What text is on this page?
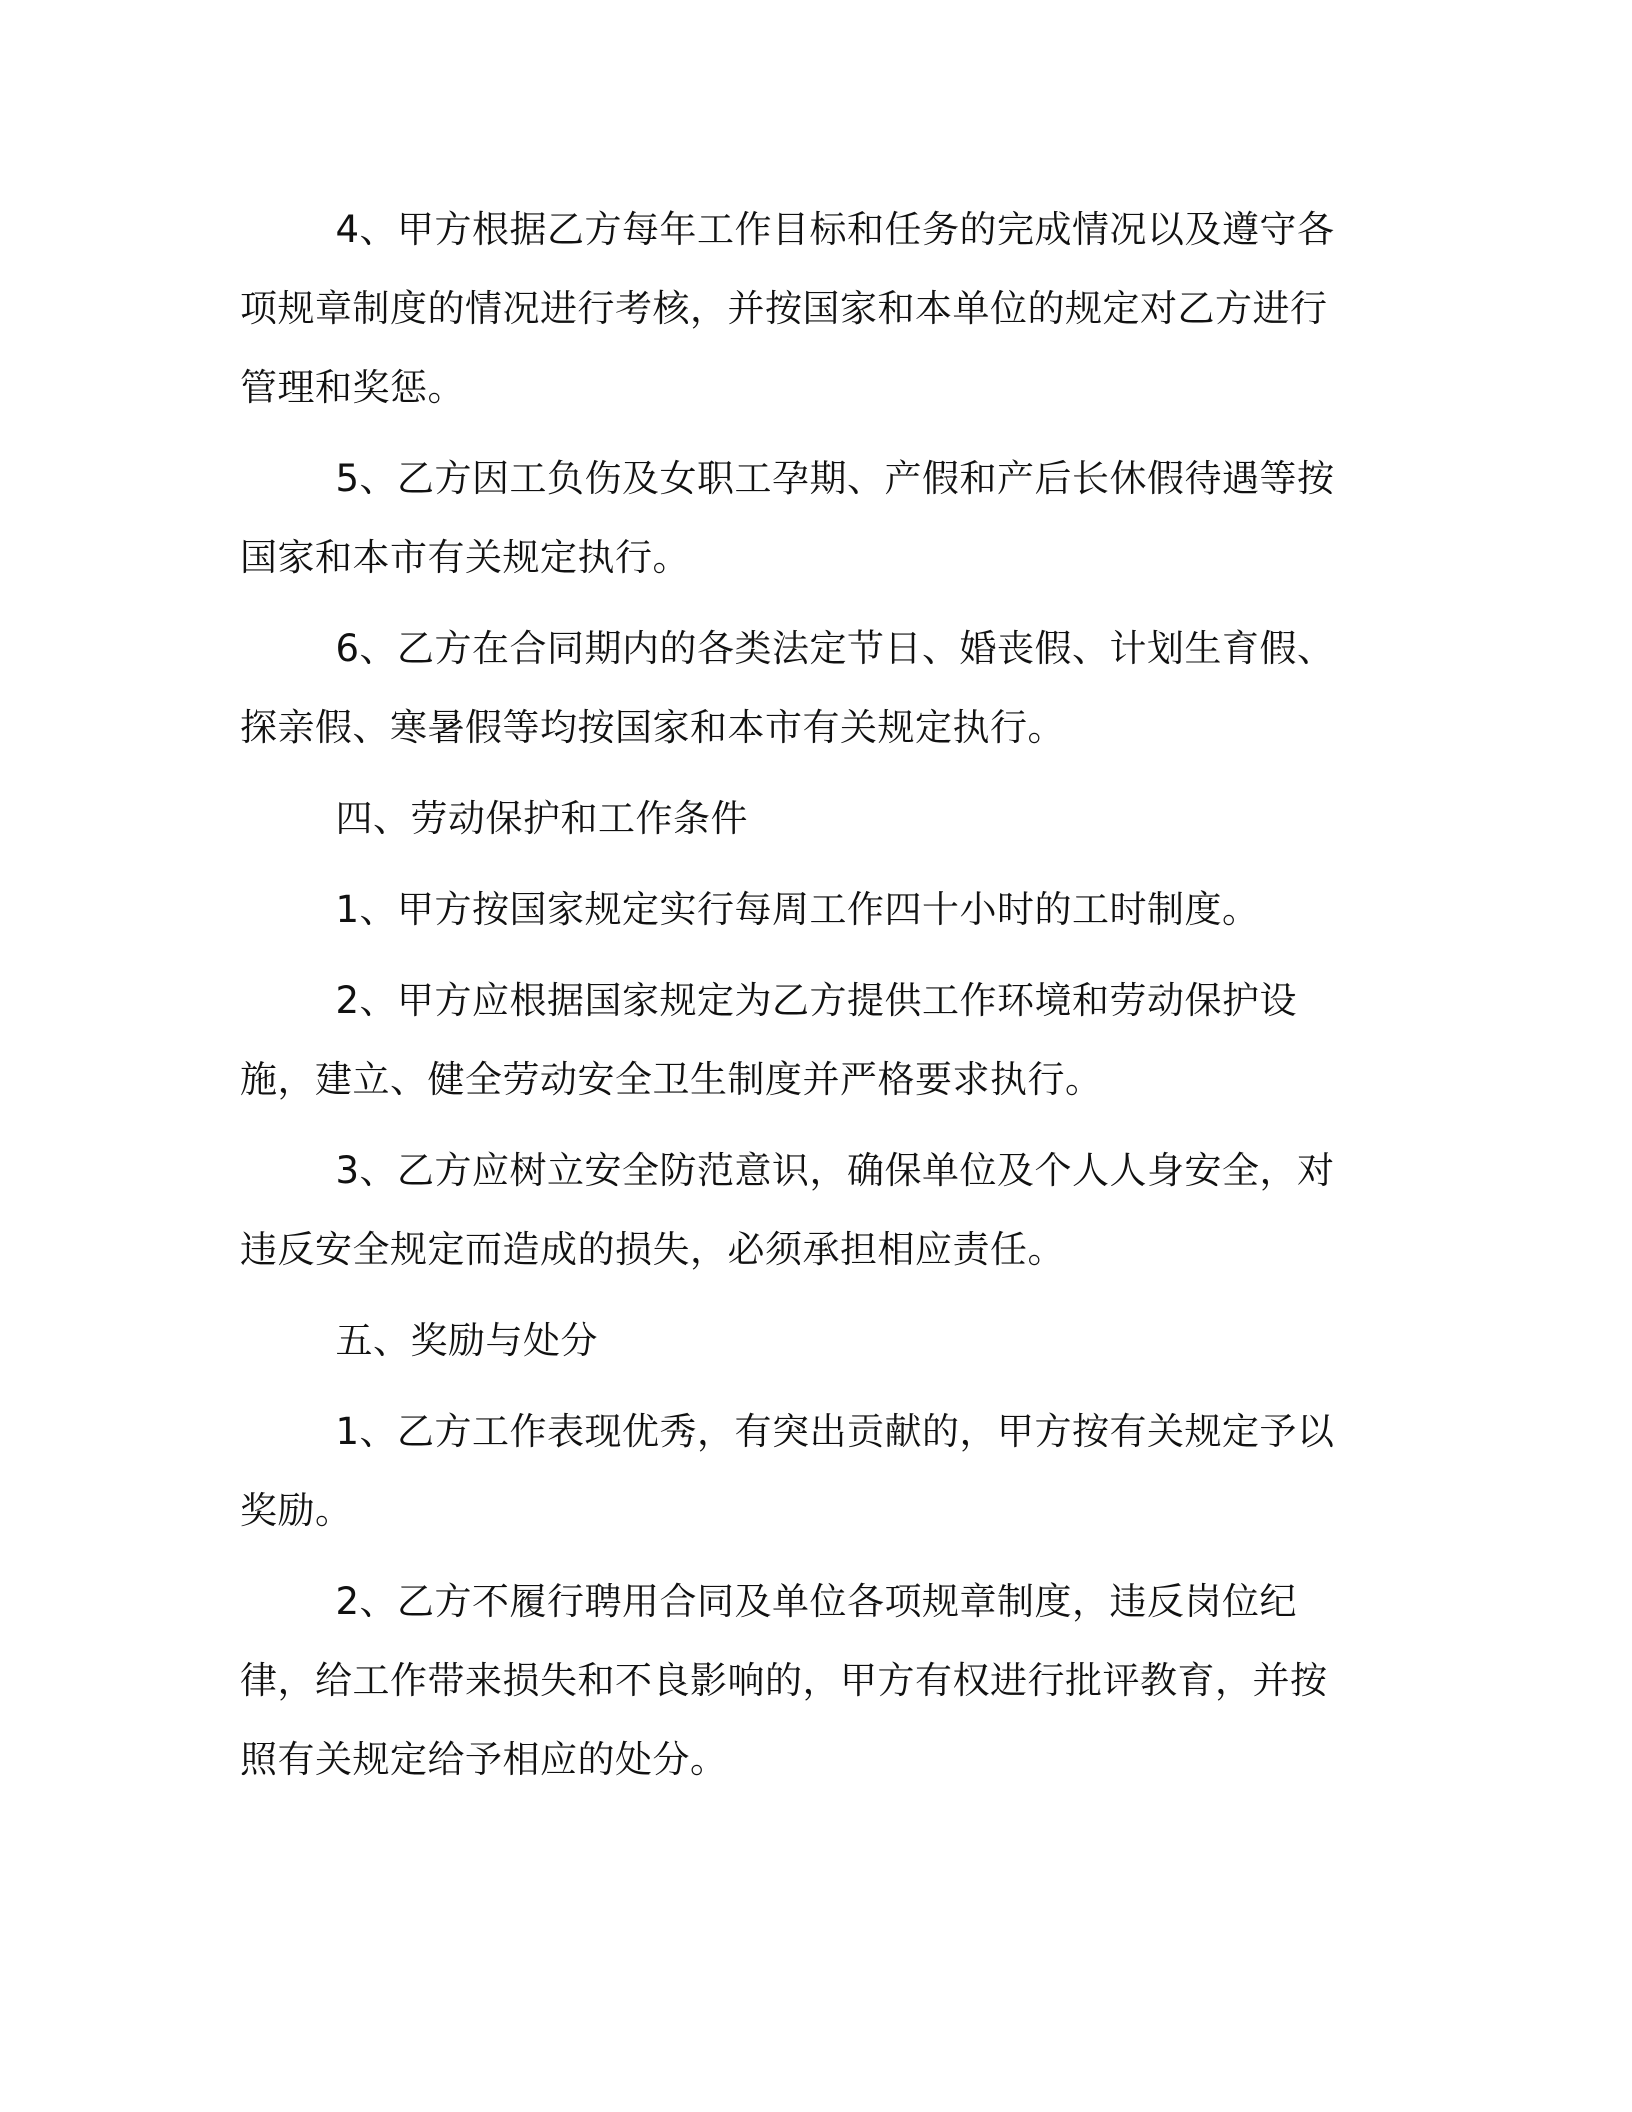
4、甲方根据乙方每年工作目标和任务的完成情况以及遵守各项规章制度的情况进行考核，并按国家和本单位的规定对乙方进行管理和奖惩。

5、乙方因工负伤及女职工孕期、产假和产后长休假待遇等按国家和本市有关规定执行。

6、乙方在合同期内的各类法定节日、婚丧假、计划生育假、探亲假、寒暑假等均按国家和本市有关规定执行。

四、劳动保护和工作条件

1、甲方按国家规定实行每周工作四十小时的工时制度。

2、甲方应根据国家规定为乙方提供工作环境和劳动保护设施，建立、健全劳动安全卫生制度并严格要求执行。

3、乙方应树立安全防范意识，确保单位及个人人身安全，对违反安全规定而造成的损失，必须承担相应责任。

五、奖励与处分

1、乙方工作表现优秀，有突出贡献的，甲方按有关规定予以奖励。

2、乙方不履行聘用合同及单位各项规章制度，违反岗位纪律，给工作带来损失和不良影响的，甲方有权进行批评教育，并按照有关规定给予相应的处分。
